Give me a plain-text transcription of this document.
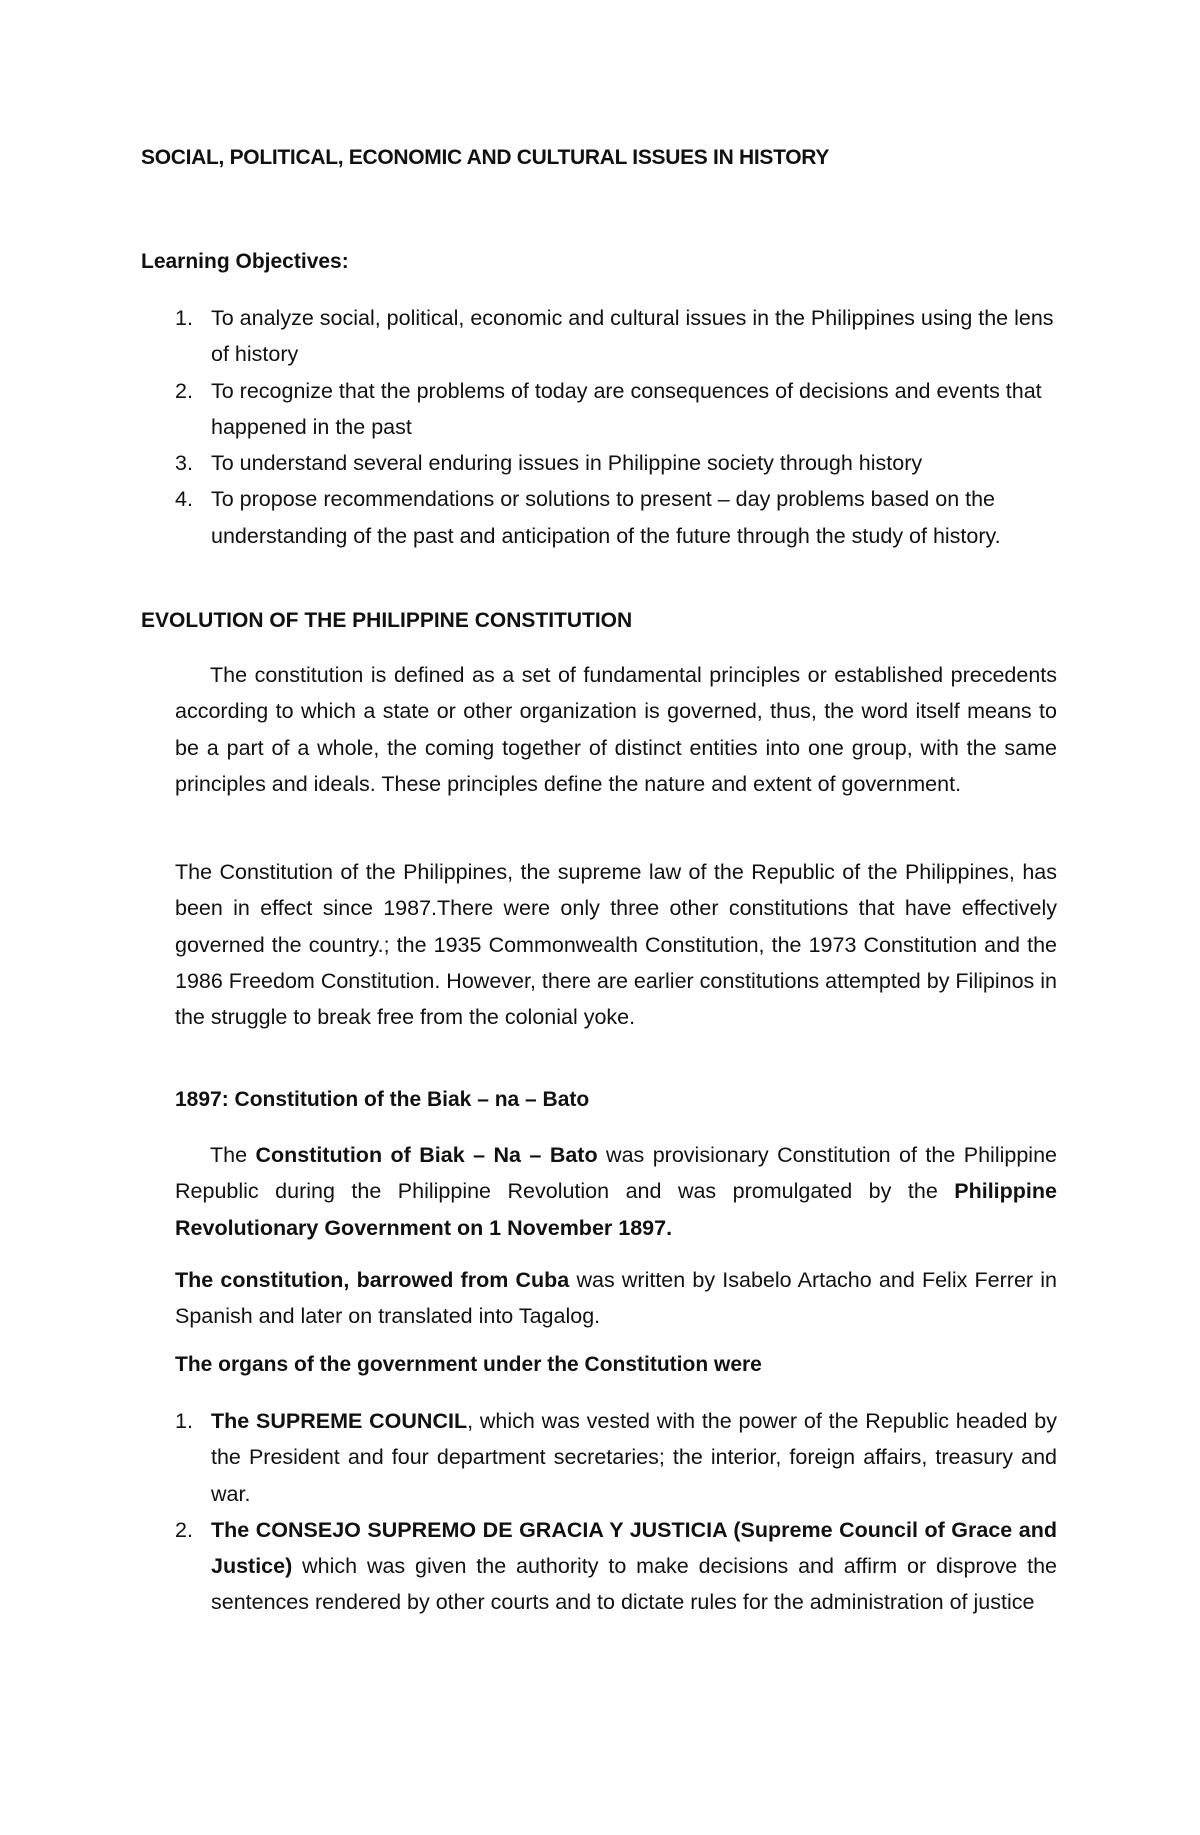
SOCIAL, POLITICAL, ECONOMIC AND CULTURAL ISSUES IN HISTORY
Learning Objectives:
1. To analyze social, political, economic and cultural issues in the Philippines using the lens of history
2. To recognize that the problems of today are consequences of decisions and events that happened in the past
3. To understand several enduring issues in Philippine society through history
4. To propose recommendations or solutions to present – day problems based on the understanding of the past and anticipation of the future through the study of history.
EVOLUTION OF THE PHILIPPINE CONSTITUTION

The constitution is defined as a set of fundamental principles or established precedents according to which a state or other organization is governed, thus, the word itself means to be a part of a whole, the coming together of distinct entities into one group, with the same principles and ideals. These principles define the nature and extent of government.

The Constitution of the Philippines, the supreme law of the Republic of the Philippines, has been in effect since 1987.There were only three other constitutions that have effectively governed the country.; the 1935 Commonwealth Constitution, the 1973 Constitution and the 1986 Freedom Constitution. However, there are earlier constitutions attempted by Filipinos in the struggle to break free from the colonial yoke.

1897: Constitution of the Biak – na – Bato

The Constitution of Biak – Na – Bato was provisionary Constitution of the Philippine Republic during the Philippine Revolution and was promulgated by the Philippine Revolutionary Government on 1 November 1897.

The constitution, barrowed from Cuba was written by Isabelo Artacho and Felix Ferrer in Spanish and later on translated into Tagalog.

The organs of the government under the Constitution were
1. The SUPREME COUNCIL, which was vested with the power of the Republic headed by the President and four department secretaries; the interior, foreign affairs, treasury and war.
2. The CONSEJO SUPREMO DE GRACIA Y JUSTICIA (Supreme Council of Grace and Justice) which was given the authority to make decisions and affirm or disprove the sentences rendered by other courts and to dictate rules for the administration of justice
